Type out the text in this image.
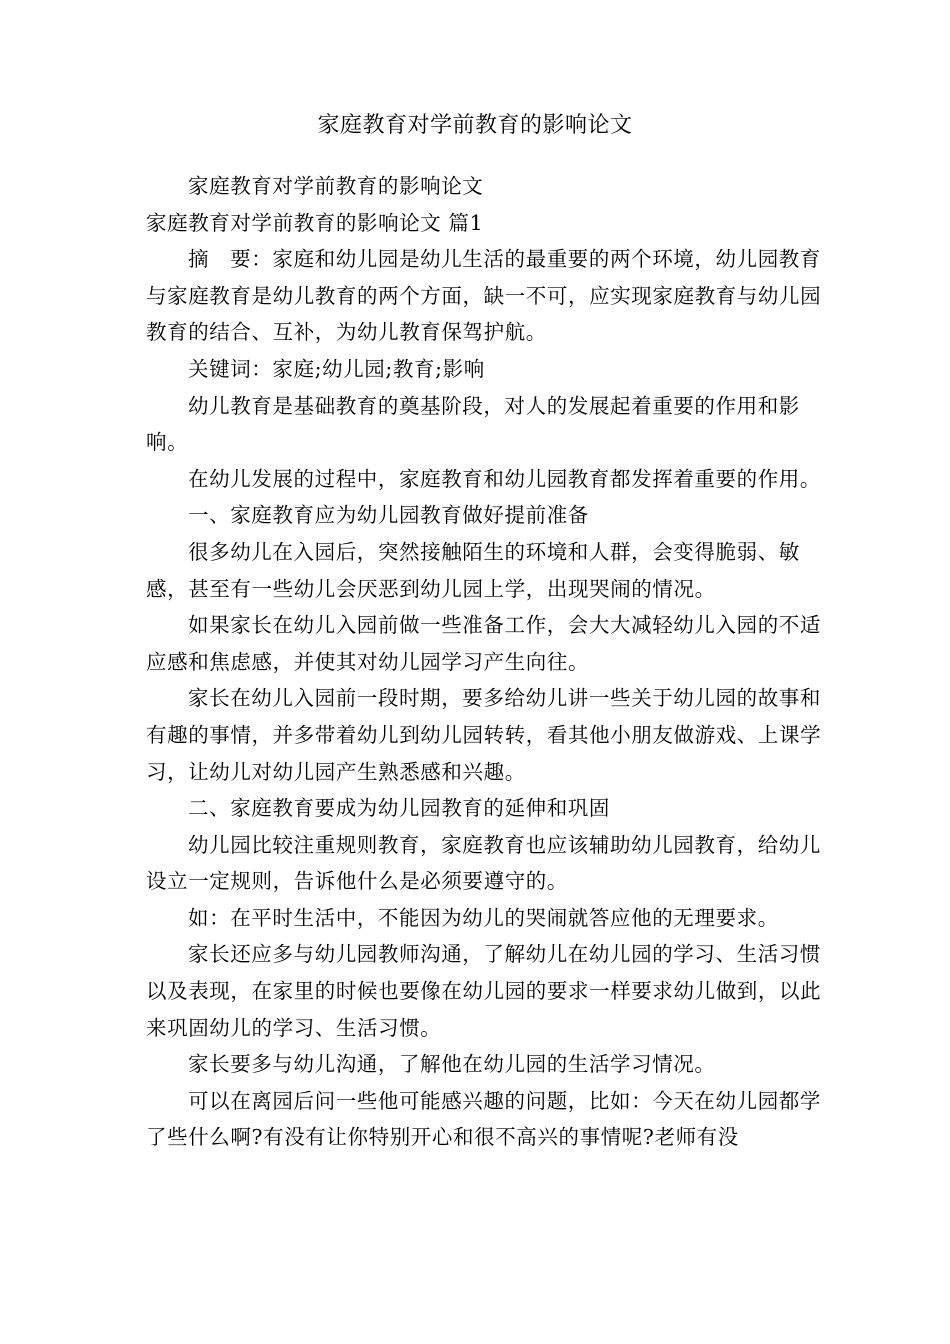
家庭教育对学前教育的影响论文

家庭教育对学前教育的影响论文

家庭教育对学前教育的影响论文 篇1

摘　要：家庭和幼儿园是幼儿生活的最重要的两个环境，幼儿园教育与家庭教育是幼儿教育的两个方面，缺一不可，应实现家庭教育与幼儿园教育的结合、互补，为幼儿教育保驾护航。

关键词：家庭;幼儿园;教育;影响

幼儿教育是基础教育的奠基阶段，对人的发展起着重要的作用和影响。

在幼儿发展的过程中，家庭教育和幼儿园教育都发挥着重要的作用。

一、家庭教育应为幼儿园教育做好提前准备

很多幼儿在入园后，突然接触陌生的环境和人群，会变得脆弱、敏感，甚至有一些幼儿会厌恶到幼儿园上学，出现哭闹的情况。

如果家长在幼儿入园前做一些准备工作，会大大减轻幼儿入园的不适应感和焦虑感，并使其对幼儿园学习产生向往。

家长在幼儿入园前一段时期，要多给幼儿讲一些关于幼儿园的故事和有趣的事情，并多带着幼儿到幼儿园转转，看其他小朋友做游戏、上课学习，让幼儿对幼儿园产生熟悉感和兴趣。

二、家庭教育要成为幼儿园教育的延伸和巩固

幼儿园比较注重规则教育，家庭教育也应该辅助幼儿园教育，给幼儿设立一定规则，告诉他什么是必须要遵守的。

如：在平时生活中，不能因为幼儿的哭闹就答应他的无理要求。

家长还应多与幼儿园教师沟通，了解幼儿在幼儿园的学习、生活习惯以及表现，在家里的时候也要像在幼儿园的要求一样要求幼儿做到，以此来巩固幼儿的学习、生活习惯。

家长要多与幼儿沟通，了解他在幼儿园的生活学习情况。

可以在离园后问一些他可能感兴趣的问题，比如：今天在幼儿园都学了些什么啊?有没有让你特别开心和很不高兴的事情呢?老师有没
